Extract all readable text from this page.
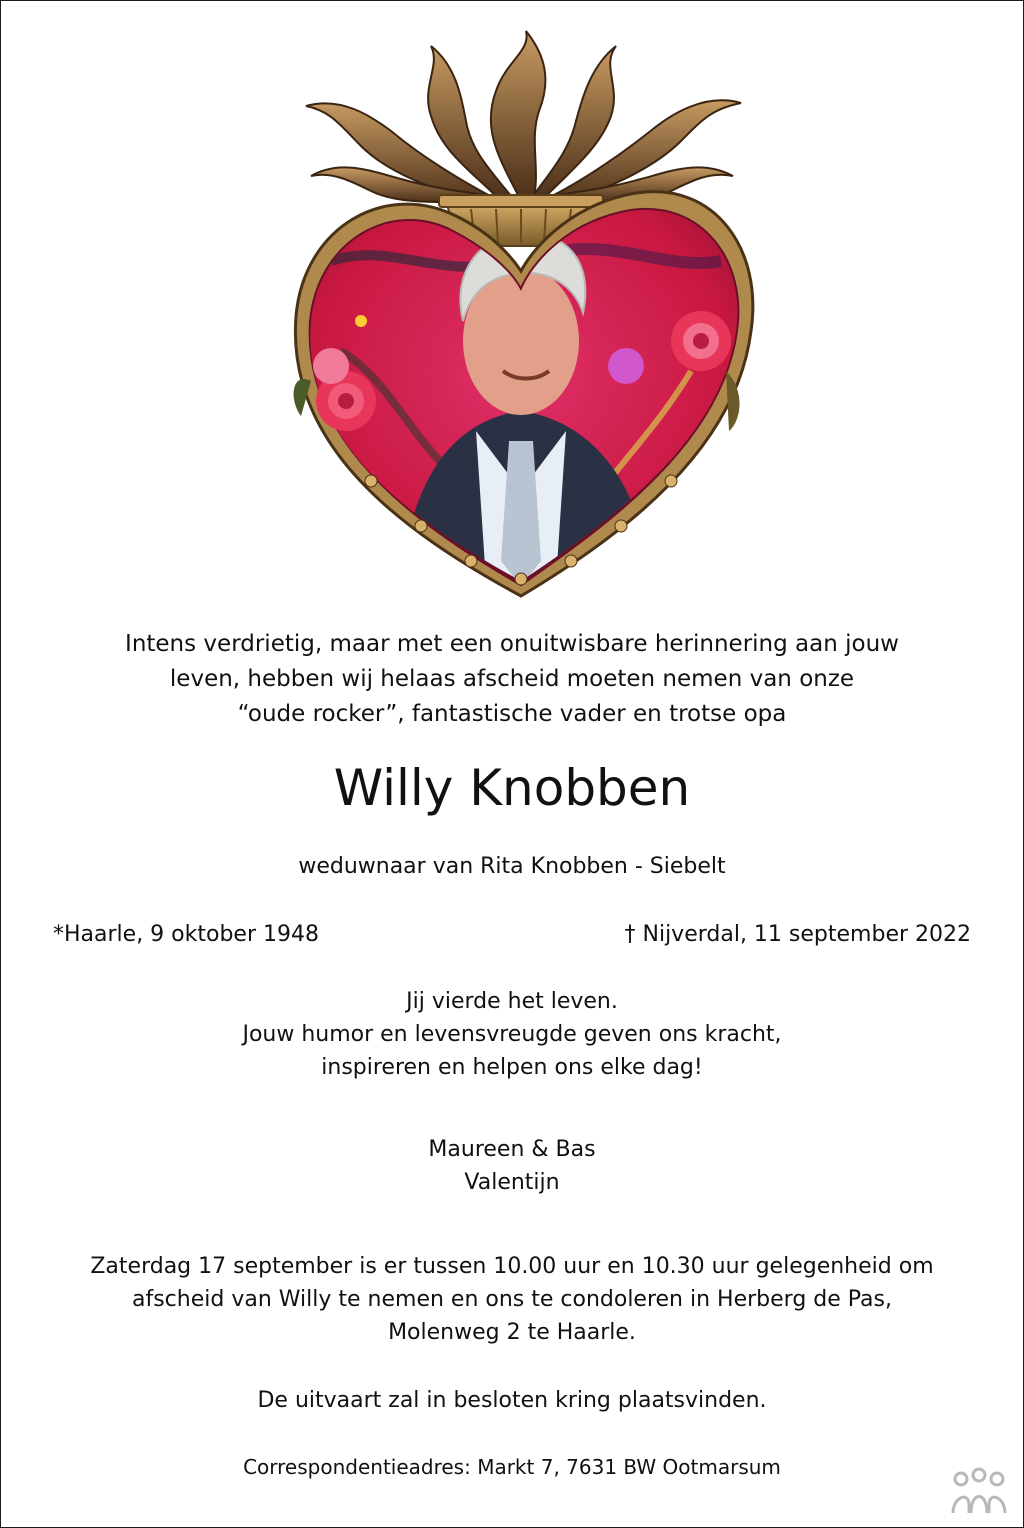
Intens verdrietig, maar met een onuitwisbare herinnering aan jouw
leven, hebben wij helaas afscheid moeten nemen van onze
“oude rocker”, fantastische vader en trotse opa
Willy Knobben
weduwnaar van Rita Knobben - Siebelt
*Haarle, 9 oktober 1948	† Nijverdal, 11 september 2022
Jij vierde het leven.
Jouw humor en levensvreugde geven ons kracht,
inspireren en helpen ons elke dag!
Maureen & Bas
Valentijn
Zaterdag 17 september is er tussen 10.00 uur en 10.30 uur gelegenheid om
afscheid van Willy te nemen en ons te condoleren in Herberg de Pas,
Molenweg 2 te Haarle.
De uitvaart zal in besloten kring plaatsvinden.
Correspondentieadres: Markt 7, 7631 BW Ootmarsum
